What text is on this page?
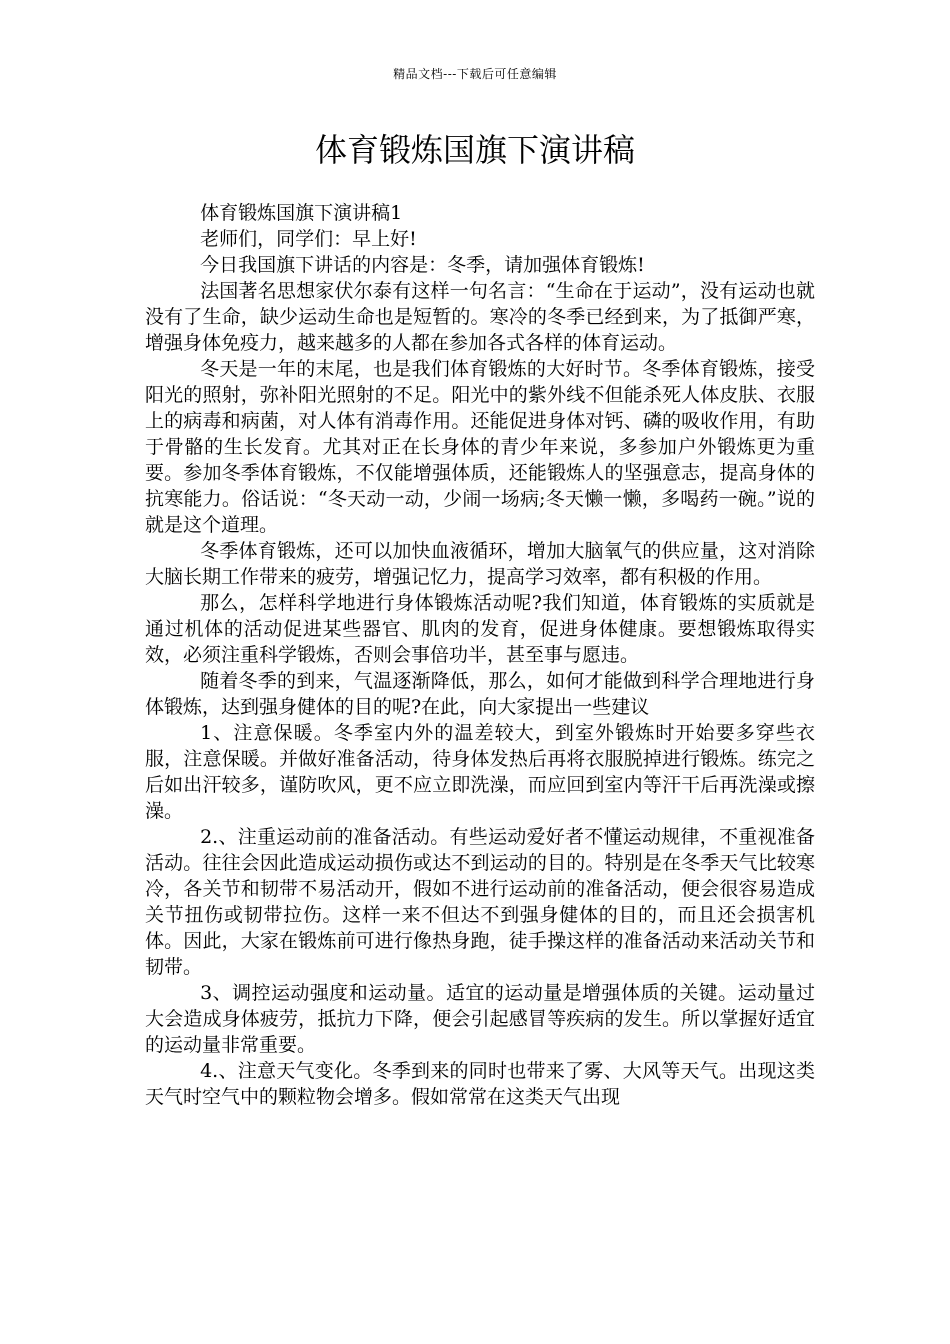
精品文档---下载后可任意编辑
体育锻炼国旗下演讲稿

体育锻炼国旗下演讲稿1

老师们，同学们：早上好!

今日我国旗下讲话的内容是：冬季，请加强体育锻炼!

法国著名思想家伏尔泰有这样一句名言：“生命在于运动”，没有运动也就没有了生命，缺少运动生命也是短暂的。寒冷的冬季已经到来，为了抵御严寒，增强身体免疫力，越来越多的人都在参加各式各样的体育运动。

冬天是一年的末尾，也是我们体育锻炼的大好时节。冬季体育锻炼，接受阳光的照射，弥补阳光照射的不足。阳光中的紫外线不但能杀死人体皮肤、衣服上的病毒和病菌，对人体有消毒作用。还能促进身体对钙、磷的吸收作用，有助于骨骼的生长发育。尤其对正在长身体的青少年来说，多参加户外锻炼更为重要。参加冬季体育锻炼，不仅能增强体质，还能锻炼人的坚强意志，提高身体的抗寒能力。俗话说：“冬天动一动，少闹一场病;冬天懒一懒，多喝药一碗。”说的就是这个道理。

冬季体育锻炼，还可以加快血液循环，增加大脑氧气的供应量，这对消除大脑长期工作带来的疲劳，增强记忆力，提高学习效率，都有积极的作用。

那么，怎样科学地进行身体锻炼活动呢?我们知道，体育锻炼的实质就是通过机体的活动促进某些器官、肌肉的发育，促进身体健康。要想锻炼取得实效，必须注重科学锻炼，否则会事倍功半，甚至事与愿违。

随着冬季的到来，气温逐渐降低，那么，如何才能做到科学合理地进行身体锻炼，达到强身健体的目的呢?在此，向大家提出一些建议

1、注意保暖。冬季室内外的温差较大，到室外锻炼时开始要多穿些衣服，注意保暖。并做好准备活动，待身体发热后再将衣服脱掉进行锻炼。练完之后如出汗较多，谨防吹风，更不应立即洗澡，而应回到室内等汗干后再洗澡或擦澡。

2.、注重运动前的准备活动。有些运动爱好者不懂运动规律，不重视准备活动。往往会因此造成运动损伤或达不到运动的目的。特别是在冬季天气比较寒冷，各关节和韧带不易活动开，假如不进行运动前的准备活动，便会很容易造成关节扭伤或韧带拉伤。这样一来不但达不到强身健体的目的，而且还会损害机体。因此，大家在锻炼前可进行像热身跑，徒手操这样的准备活动来活动关节和韧带。

3、调控运动强度和运动量。适宜的运动量是增强体质的关键。运动量过大会造成身体疲劳，抵抗力下降，便会引起感冒等疾病的发生。所以掌握好适宜的运动量非常重要。

4.、注意天气变化。冬季到来的同时也带来了雾、大风等天气。出现这类天气时空气中的颗粒物会增多。假如常常在这类天气出现
